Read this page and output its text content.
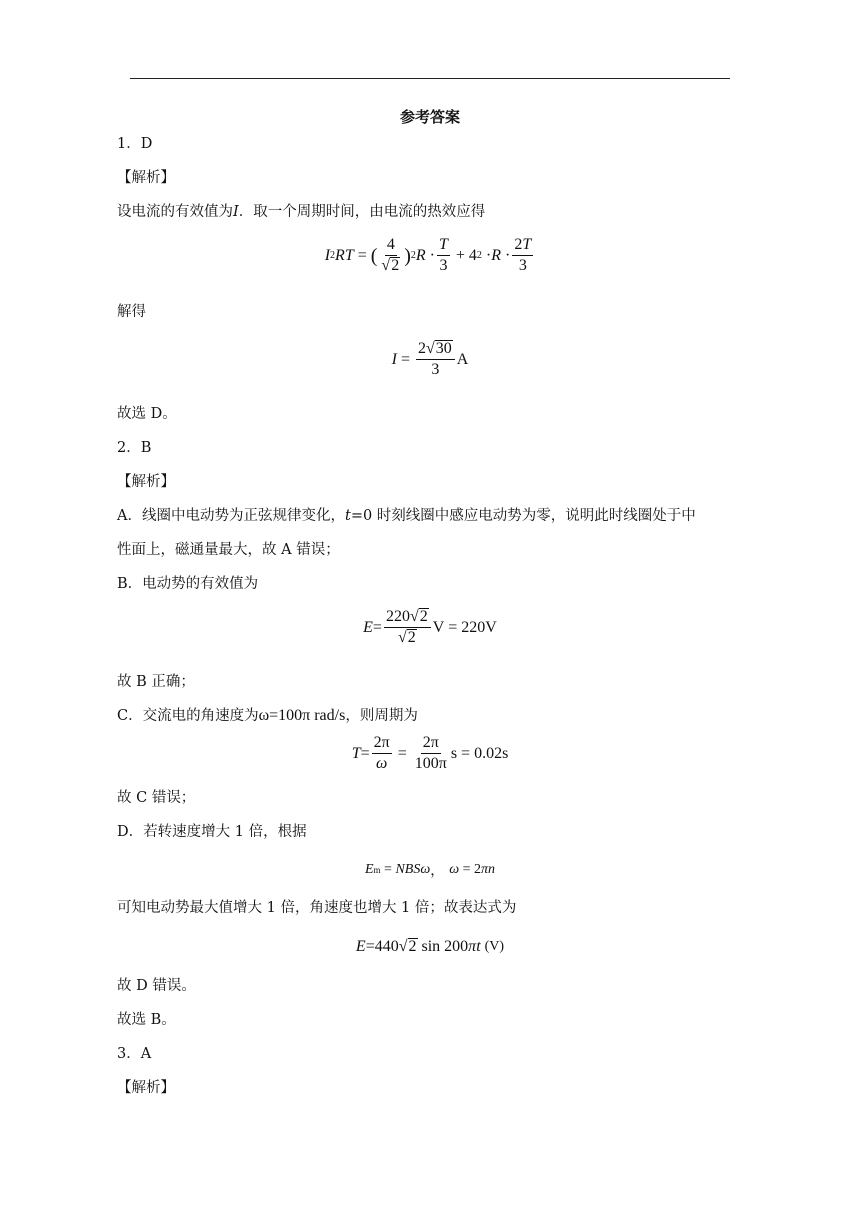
参考答案
1．D
【解析】
设电流的有效值为I．取一个周期时间，由电流的热效应得
I 2 RT = ( $\frac{4}{√ 2}$ ) 2 $R \cdot \frac{T}{3} + 4$ $2 \cdot R \cdot \frac{2T}{3}$
解得
$I = \frac{2 √ 30}{3}$ A
故选 D。
2．B
【解析】
A．线圈中电动势为正弦规律变化，t=0 时刻线圈中感应电动势为零，说明此时线圈处于中
性面上，磁通量最大，故 A 错误；
B．电动势的有效值为
$E = \frac{220 √ 2}{√ 2}$ V = 220V
故 B 正确；
C．交流电的角速度为ω=100π rad/s，则周期为
$T = \frac{2\pi}{\omega} = \frac{2\pi}{100\pi}$ s = 0.02s
故 C 错误；
D．若转速度增大 1 倍，根据
E m = NBSω ， ω = 2 πn
可知电动势最大值增大 1 倍，角速度也增大 1 倍；故表达式为
E =440 √ 2 sin 200 πt
(V)
故 D 错误。
故选 B。
3．A
【解析】
